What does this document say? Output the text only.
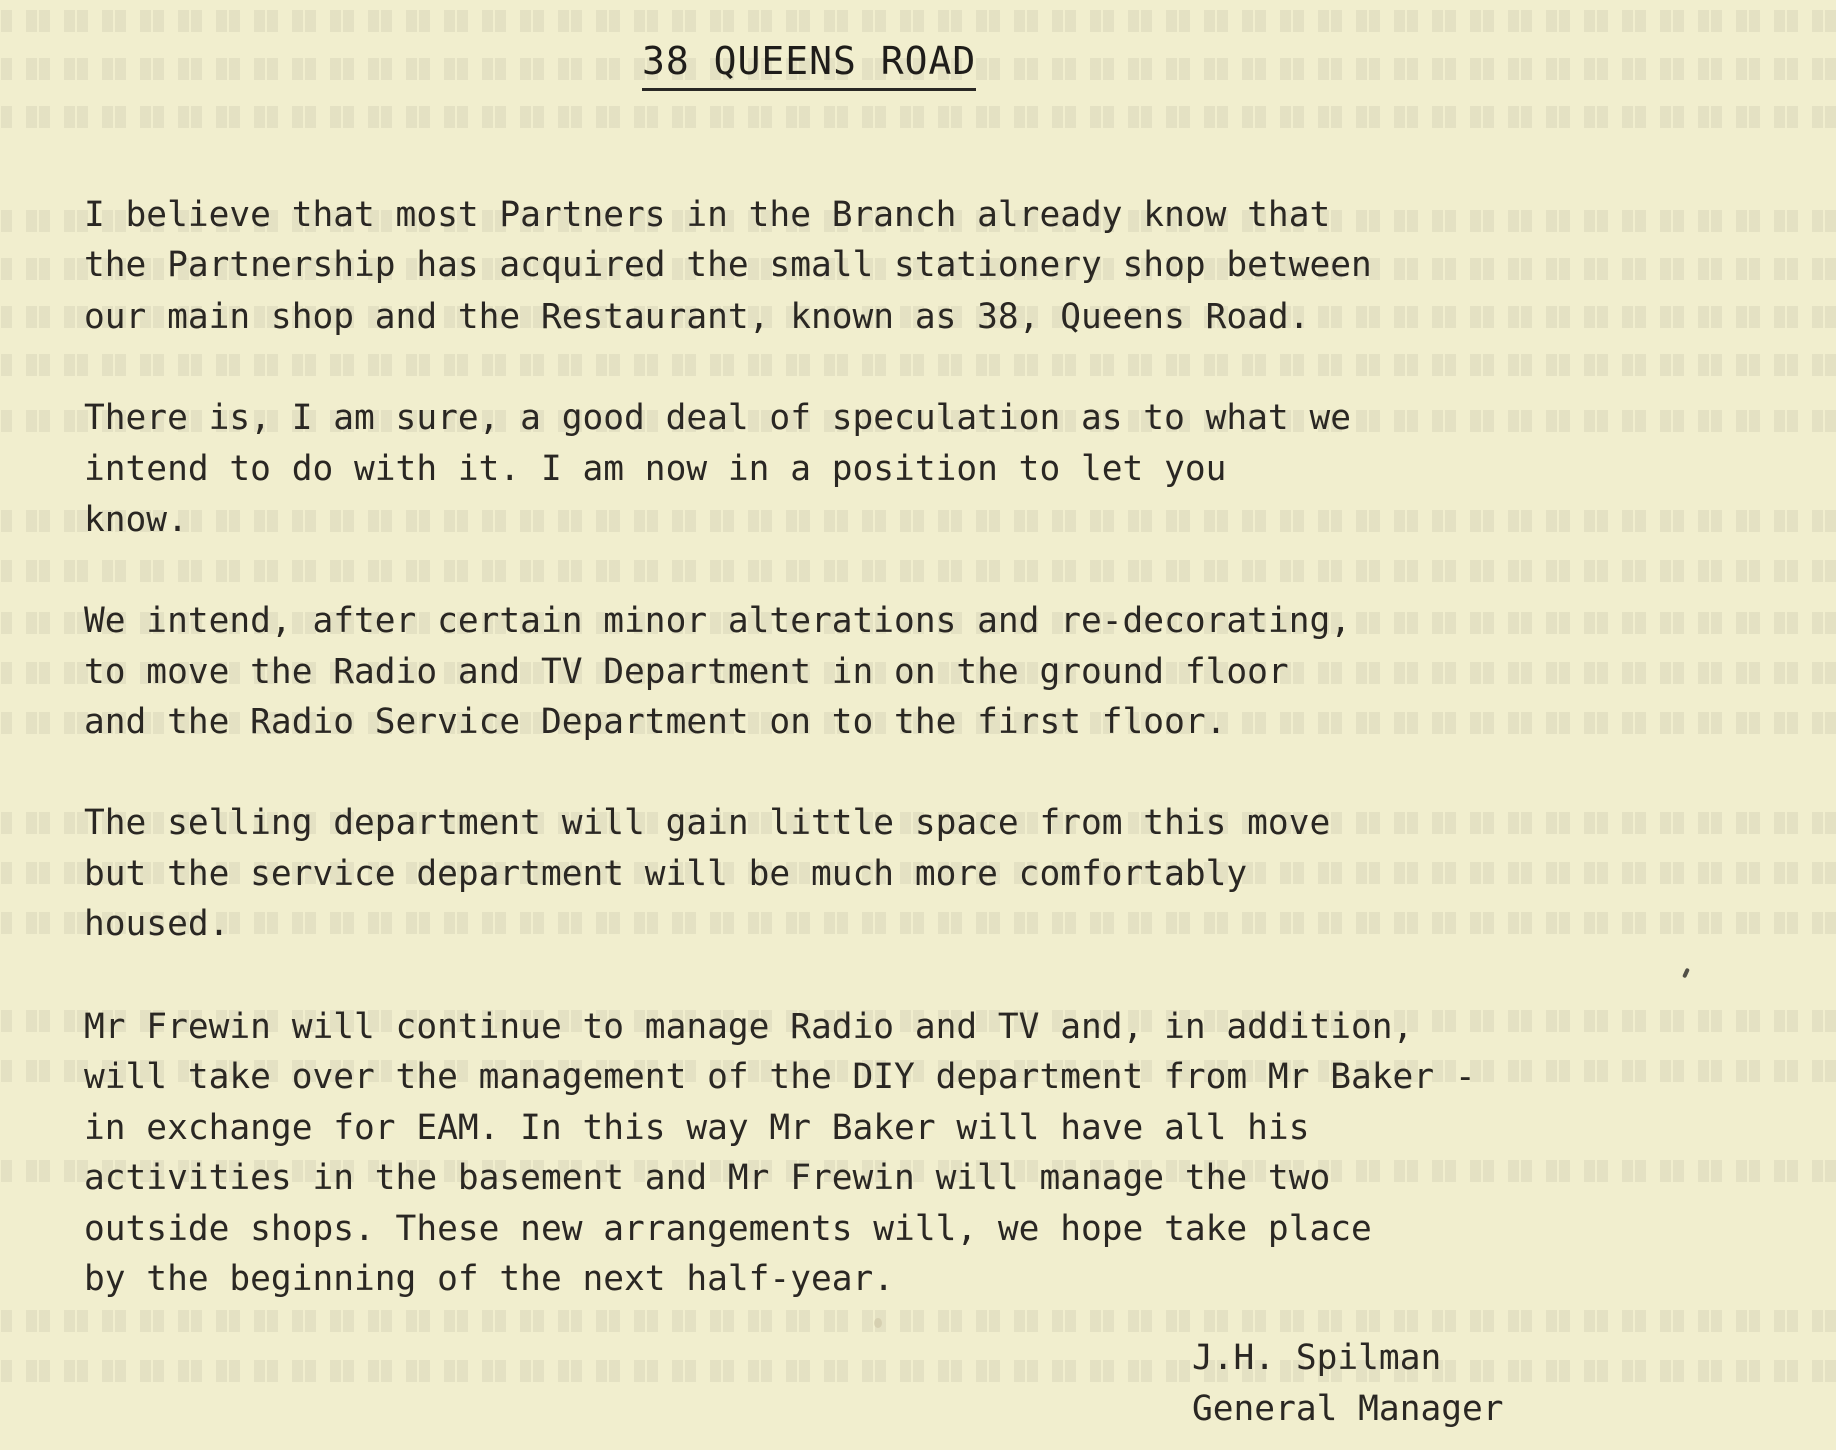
38 QUEENS ROAD
I believe that most Partners in the Branch already know that
the Partnership has acquired the small stationery shop between
our main shop and the Restaurant, known as 38, Queens Road.
There is, I am sure, a good deal of speculation as to what we
intend to do with it. I am now in a position to let you
know.
We intend, after certain minor alterations and re-decorating,
to move the Radio and TV Department in on the ground floor
and the Radio Service Department on to the first floor.
The selling department will gain little space from this move
but the service department will be much more comfortably
housed.
Mr Frewin will continue to manage Radio and TV and, in addition,
will take over the management of the DIY department from Mr Baker -
in exchange for EAM. In this way Mr Baker will have all his
activities in the basement and Mr Frewin will manage the two
outside shops. These new arrangements will, we hope take place
by the beginning of the next half-year.
J.H. Spilman
General Manager
